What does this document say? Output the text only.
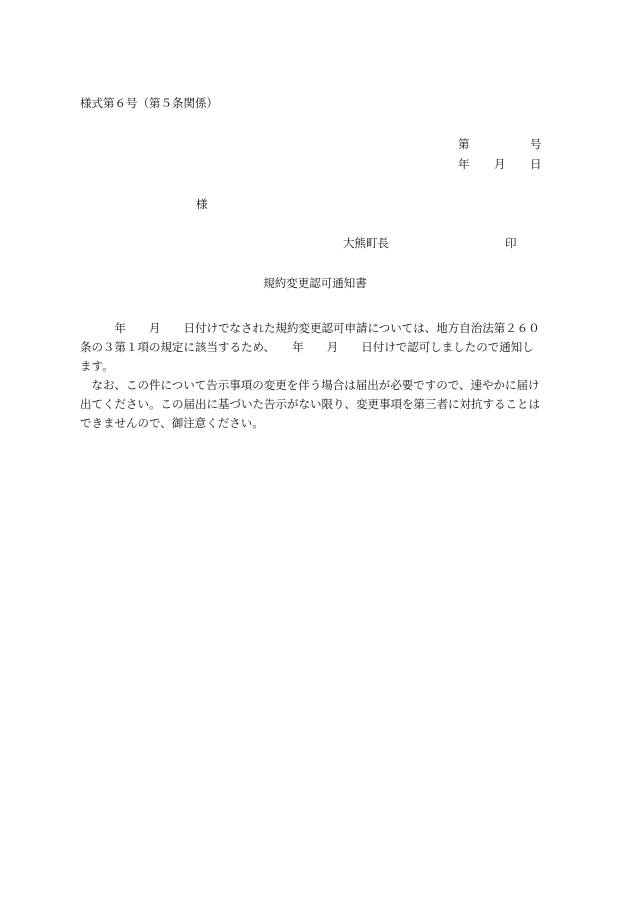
様式第６号（第５条関係）
第	号
年 月 日
様
大熊町長	印
規約変更認可通知書
　　　年　　月　　日付けでなされた規約変更認可申請については、地方自治法第２６０
条の３第１項の規定に該当するため、　　年　　月　　日付けで認可しましたので通知し
ます。
　なお、この件について告示事項の変更を伴う場合は届出が必要ですので、速やかに届け
出てください。この届出に基づいた告示がない限り、変更事項を第三者に対抗することは
できませんので、御注意ください。
